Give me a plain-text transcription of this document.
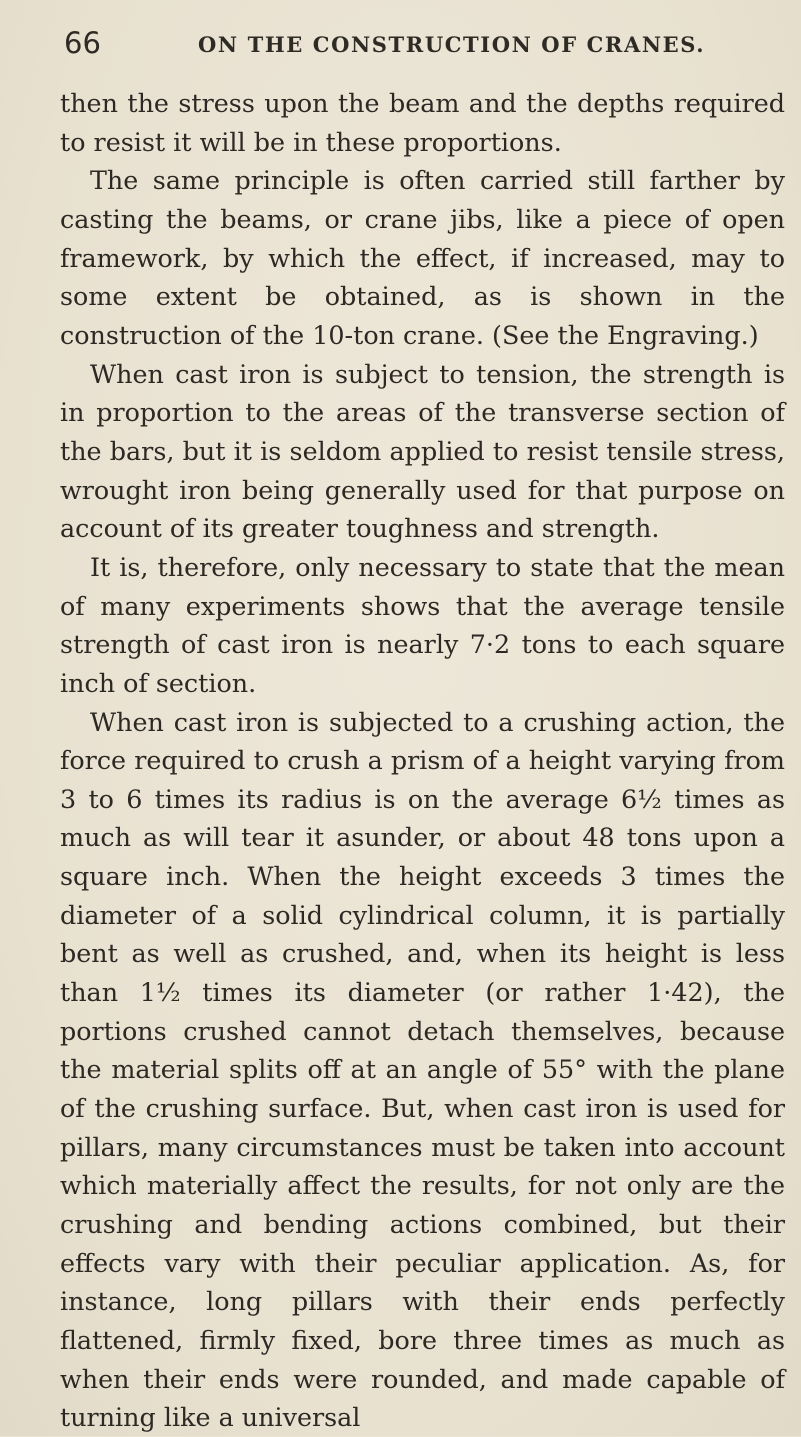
66	ON THE CONSTRUCTION OF CRANES.

then the stress upon the beam and the depths required to resist it will be in these proportions.

The same principle is often carried still farther by casting the beams, or crane jibs, like a piece of open framework, by which the effect, if increased, may to some extent be obtained, as is shown in the construction of the 10-ton crane. (See the Engraving.)

When cast iron is subject to tension, the strength is in proportion to the areas of the transverse section of the bars, but it is seldom applied to resist tensile stress, wrought iron being generally used for that purpose on account of its greater toughness and strength.

It is, therefore, only necessary to state that the mean of many experiments shows that the average tensile strength of cast iron is nearly 7·2 tons to each square inch of section.

When cast iron is subjected to a crushing action, the force required to crush a prism of a height varying from 3 to 6 times its radius is on the average 6½ times as much as will tear it asunder, or about 48 tons upon a square inch. When the height exceeds 3 times the diameter of a solid cylindrical column, it is partially bent as well as crushed, and, when its height is less than 1½ times its diameter (or rather 1·42), the portions crushed cannot detach themselves, because the material splits off at an angle of 55° with the plane of the crushing surface. But, when cast iron is used for pillars, many circumstances must be taken into account which materially affect the results, for not only are the crushing and bending actions combined, but their effects vary with their peculiar application. As, for instance, long pillars with their ends perfectly flattened, firmly fixed, bore three times as much as when their ends were rounded, and made capable of turning like a universal
